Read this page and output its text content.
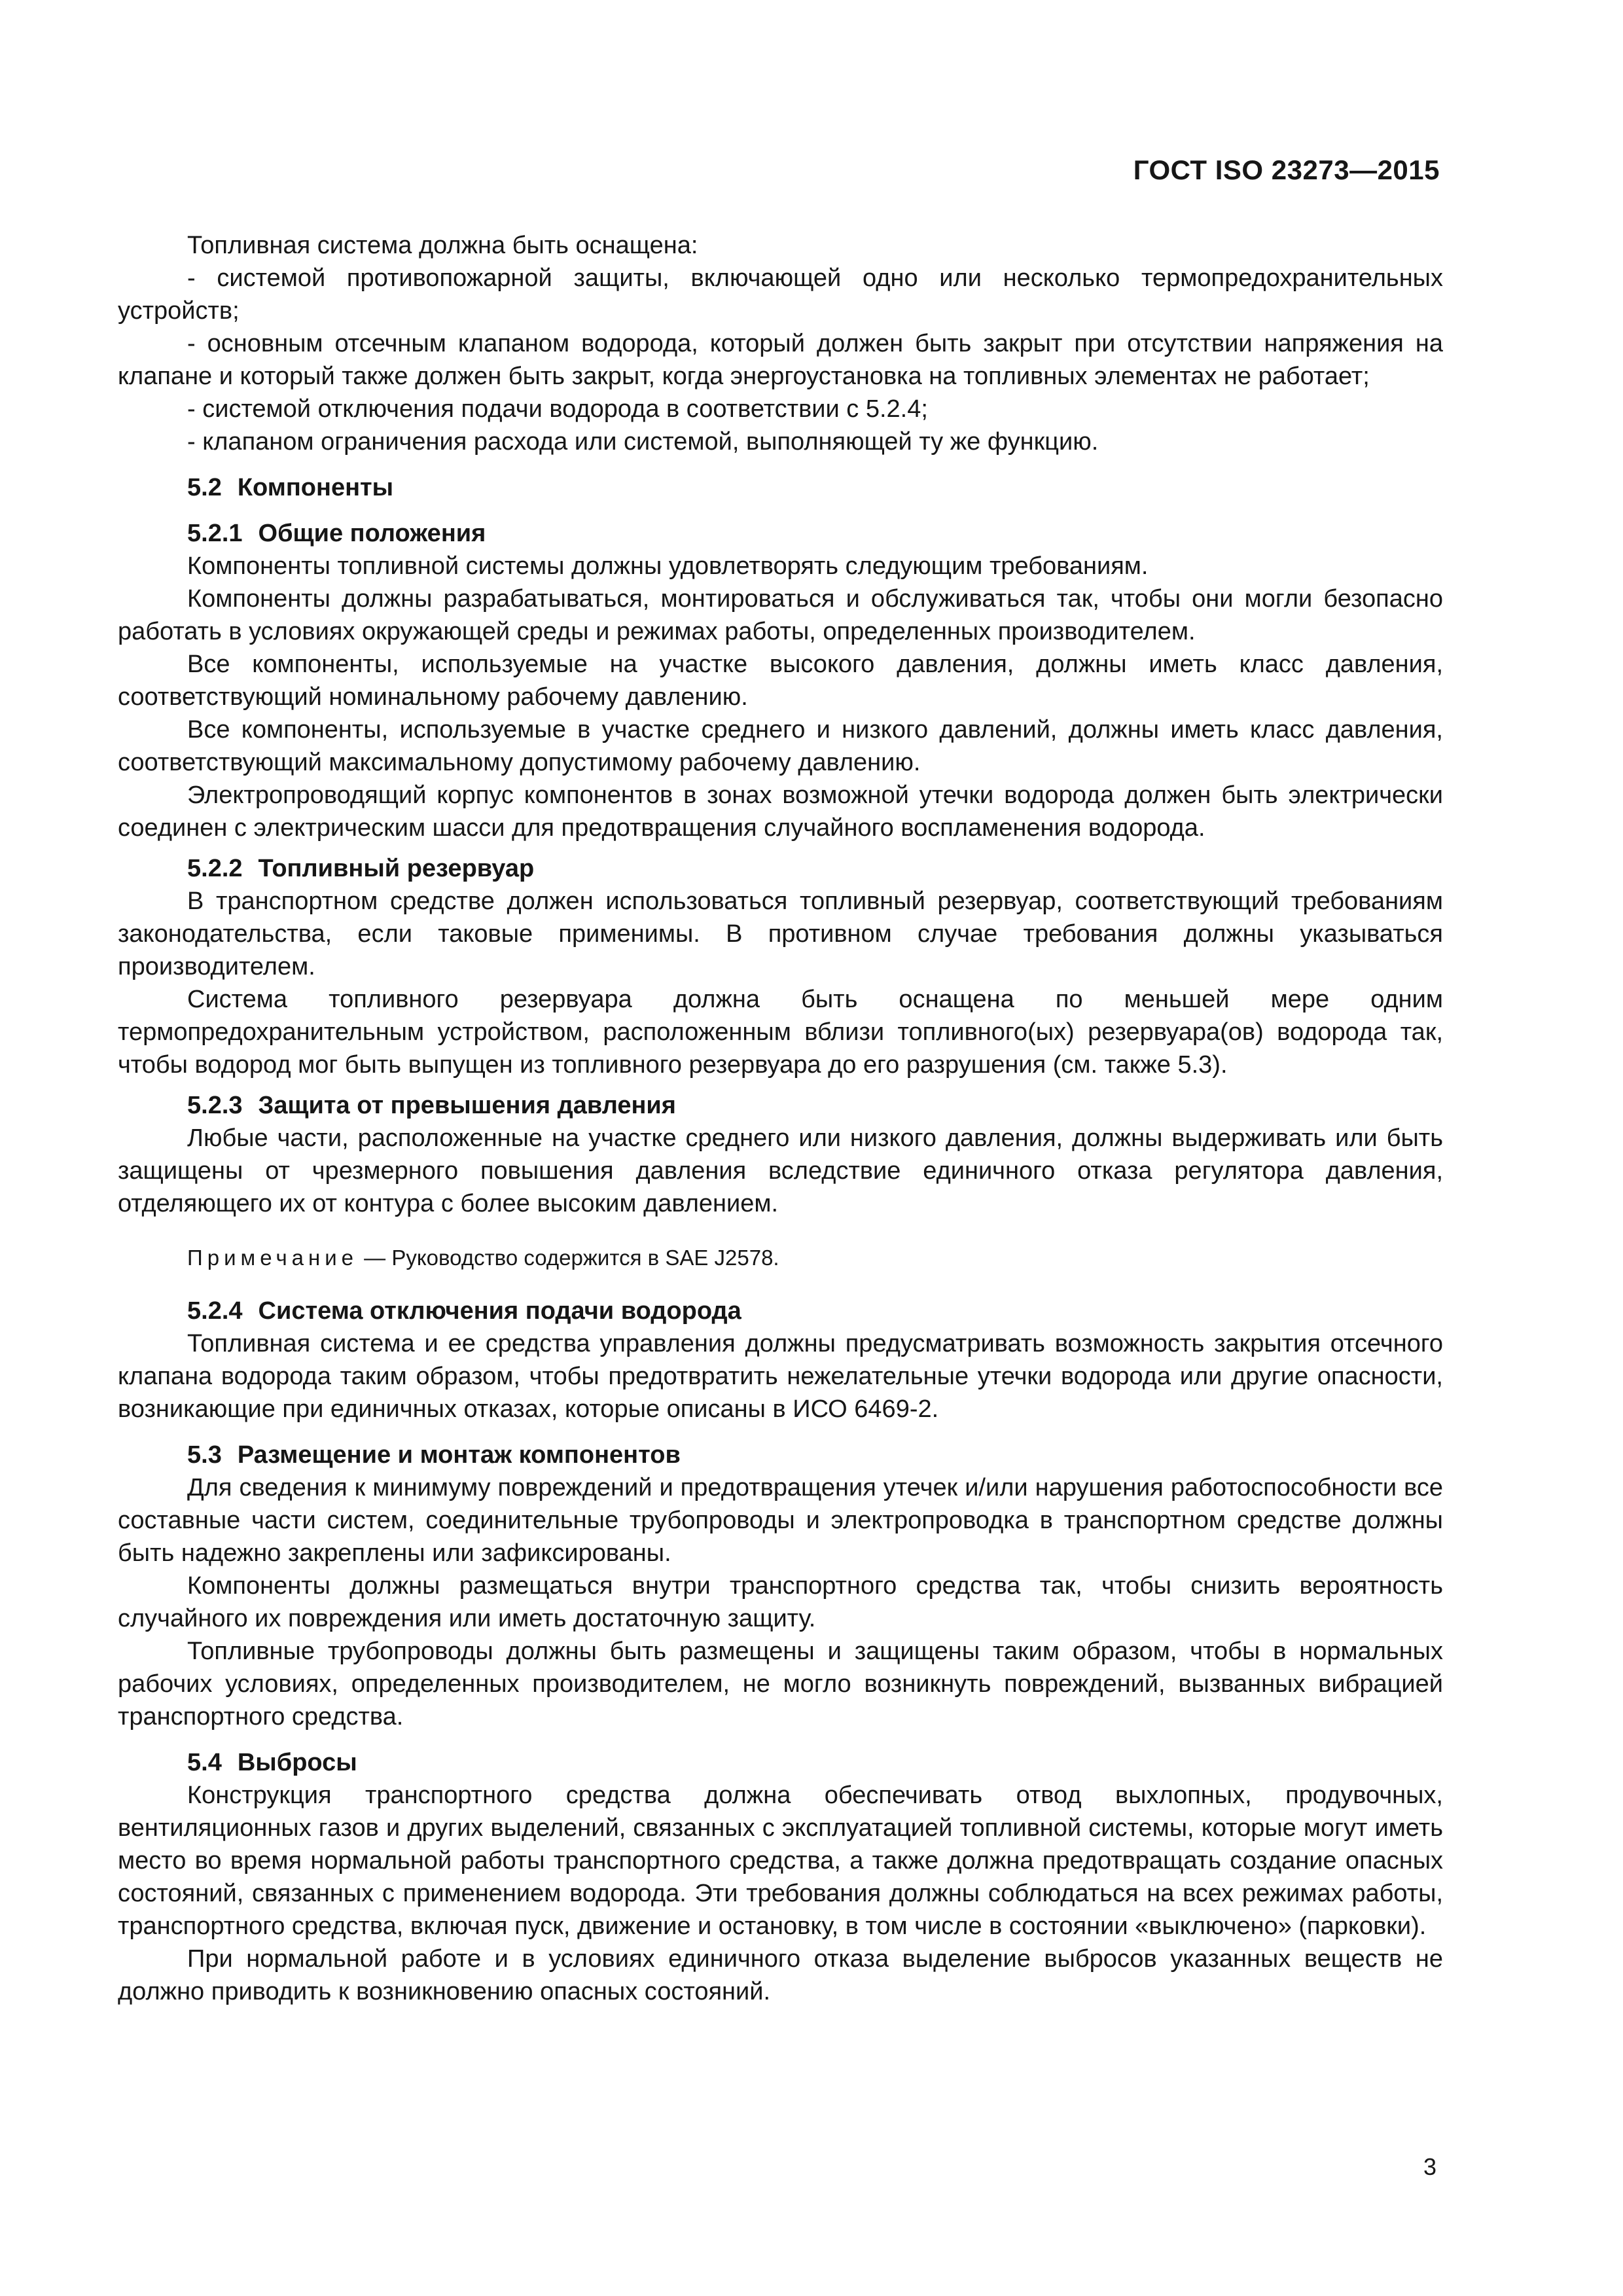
ГОСТ ISO 23273—2015

Топливная система должна быть оснащена:

- системой противопожарной защиты, включающей одно или несколько термопредохранительных устройств;

- основным отсечным клапаном водорода, который должен быть закрыт при отсутствии напряжения на клапане и который также должен быть закрыт, когда энергоустановка на топливных элементах не работает;

- системой отключения подачи водорода в соответствии с 5.2.4;

- клапаном ограничения расхода или системой, выполняющей ту же функцию.

5.2 Компоненты
5.2.1 Общие положения

Компоненты топливной системы должны удовлетворять следующим требованиям.

Компоненты должны разрабатываться, монтироваться и обслуживаться так, чтобы они могли безопасно работать в условиях окружающей среды и режимах работы, определенных производителем.

Все компоненты, используемые на участке высокого давления, должны иметь класс давления, соответствующий номинальному рабочему давлению.

Все компоненты, используемые в участке среднего и низкого давлений, должны иметь класс давления, соответствующий максимальному допустимому рабочему давлению.

Электропроводящий корпус компонентов в зонах возможной утечки водорода должен быть электрически соединен с электрическим шасси для предотвращения случайного воспламенения водорода.

5.2.2 Топливный резервуар

В транспортном средстве должен использоваться топливный резервуар, соответствующий требованиям законодательства, если таковые применимы. В противном случае требования должны указываться производителем.

Система топливного резервуара должна быть оснащена по меньшей мере одним термопредохранительным устройством, расположенным вблизи топливного(ых) резервуара(ов) водорода так, чтобы водород мог быть выпущен из топливного резервуара до его разрушения (см. также 5.3).

5.2.3 Защита от превышения давления

Любые части, расположенные на участке среднего или низкого давления, должны выдерживать или быть защищены от чрезмерного повышения давления вследствие единичного отказа регулятора давления, отделяющего их от контура с более высоким давлением.

Примечание — Руководство содержится в SAE J2578.
5.2.4 Система отключения подачи водорода

Топливная система и ее средства управления должны предусматривать возможность закрытия отсечного клапана водорода таким образом, чтобы предотвратить нежелательные утечки водорода или другие опасности, возникающие при единичных отказах, которые описаны в ИСО 6469-2.

5.3 Размещение и монтаж компонентов

Для сведения к минимуму повреждений и предотвращения утечек и/или нарушения работоспособности все составные части систем, соединительные трубопроводы и электропроводка в транспортном средстве должны быть надежно закреплены или зафиксированы.

Компоненты должны размещаться внутри транспортного средства так, чтобы снизить вероятность случайного их повреждения или иметь достаточную защиту.

Топливные трубопроводы должны быть размещены и защищены таким образом, чтобы в нормальных рабочих условиях, определенных производителем, не могло возникнуть повреждений, вызванных вибрацией транспортного средства.

5.4 Выбросы

Конструкция транспортного средства должна обеспечивать отвод выхлопных, продувочных, вентиляционных газов и других выделений, связанных с эксплуатацией топливной системы, которые могут иметь место во время нормальной работы транспортного средства, а также должна предотвращать создание опасных состояний, связанных с применением водорода. Эти требования должны соблюдаться на всех режимах работы, транспортного средства, включая пуск, движение и остановку, в том числе в состоянии «выключено» (парковки).

При нормальной работе и в условиях единичного отказа выделение выбросов указанных веществ не должно приводить к возникновению опасных состояний.

3
